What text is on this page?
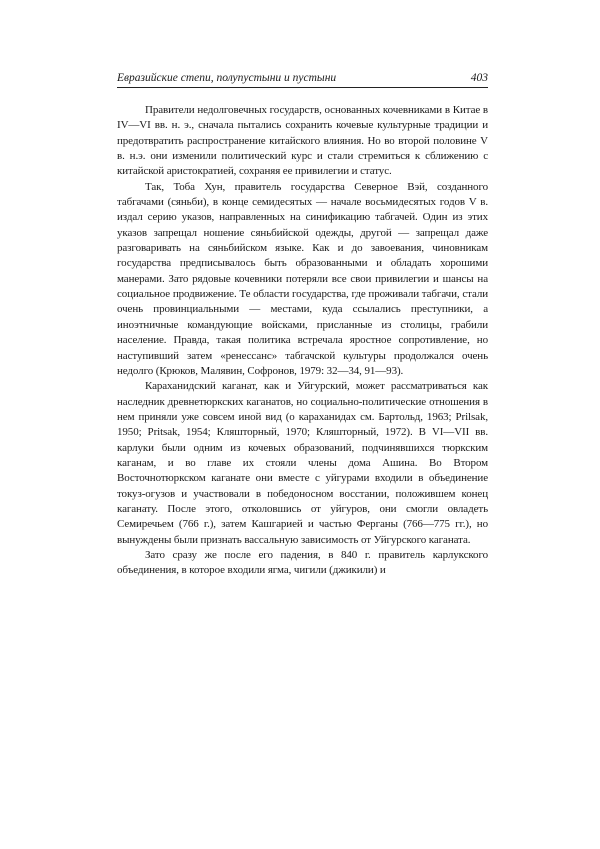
Евразийские степи, полупустыни и пустыни	403

Правители недолговечных государств, основанных кочевниками в Китае в IV—VI вв. н. э., сначала пытались сохранить кочевые культурные традиции и предотвратить распространение китайского влияния. Но во второй половине V в. н.э. они изменили политический курс и стали стремиться к сближению с китайской аристократией, сохраняя ее привилегии и статус.

Так, Тоба Хун, правитель государства Северное Вэй, созданного табгачами (сяньби), в конце семидесятых — начале восьмидесятых годов V в. издал серию указов, направленных на синификацию табгачей. Один из этих указов запрещал ношение сяньбийской одежды, другой — запрещал даже разговаривать на сяньбийском языке. Как и до завоевания, чиновникам государства предписывалось быть образованными и обладать хорошими манерами. Зато рядовые кочевники потеряли все свои привилегии и шансы на социальное продвижение. Те области государства, где проживали табгачи, стали очень провинциальными — местами, куда ссылались преступники, а иноэтничные командующие войсками, присланные из столицы, грабили население. Правда, такая политика встречала яростное сопротивление, но наступивший затем «ренессанс» табгачской культуры продолжался очень недолго (Крюков, Малявин, Софронов, 1979: 32—34, 91—93).

Караханидский каганат, как и Уйгурский, может рассматриваться как наследник древнетюркских каганатов, но социально-политические отношения в нем приняли уже совсем иной вид (о караханидах см. Бартольд, 1963; Prilsak, 1950; Pritsak, 1954; Кляшторный, 1970; Кляшторный, 1972). В VI—VII вв. карлуки были одним из кочевых образований, подчинявшихся тюркским каганам, и во главе их стояли члены дома Ашина. Во Втором Восточнотюркском каганате они вместе с уйгурами входили в объединение токуз-огузов и участвовали в победоносном восстании, положившем конец каганату. После этого, отколовшись от уйгуров, они смогли овладеть Семиречьем (766 г.), затем Кашгарией и частью Ферганы (766—775 гг.), но вынуждены были признать вассальную зависимость от Уйгурского каганата.

Зато сразу же после его падения, в 840 г. правитель карлукского объединения, в которое входили ягма, чигили (джикили) и
